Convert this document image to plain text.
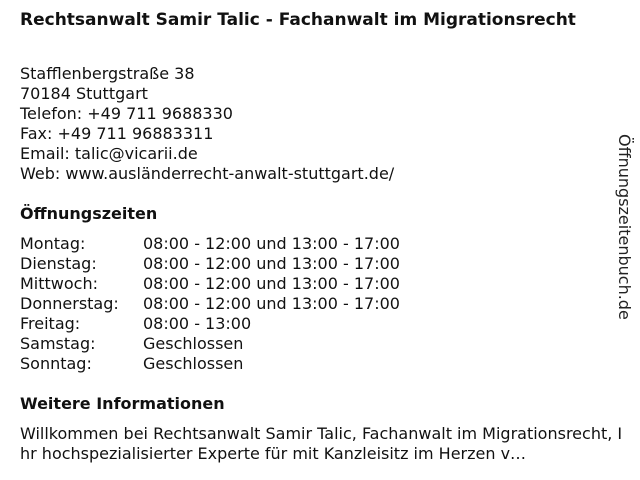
Rechtsanwalt Samir Talic - Fachanwalt im Migrationsrecht
Stafflenbergstraße 38
70184 Stuttgart
Telefon: +49 711 9688330
Fax: +49 711 96883311
Email: talic@vicarii.de
Web: www.ausländerrecht-anwalt-stuttgart.de/
Öffnungszeiten
Montag:	08:00 - 12:00 und 13:00 - 17:00
Dienstag:	08:00 - 12:00 und 13:00 - 17:00
Mittwoch:	08:00 - 12:00 und 13:00 - 17:00
Donnerstag:	08:00 - 12:00 und 13:00 - 17:00
Freitag:	08:00 - 13:00
Samstag:	Geschlossen
Sonntag:	Geschlossen
Weitere Informationen

Willkommen bei Rechtsanwalt Samir Talic, Fachanwalt im Migrationsrecht, Ihr hochspezialisierter Experte für mit Kanzleisitz im Herzen v…

Öffnungszeitenbuch.de
